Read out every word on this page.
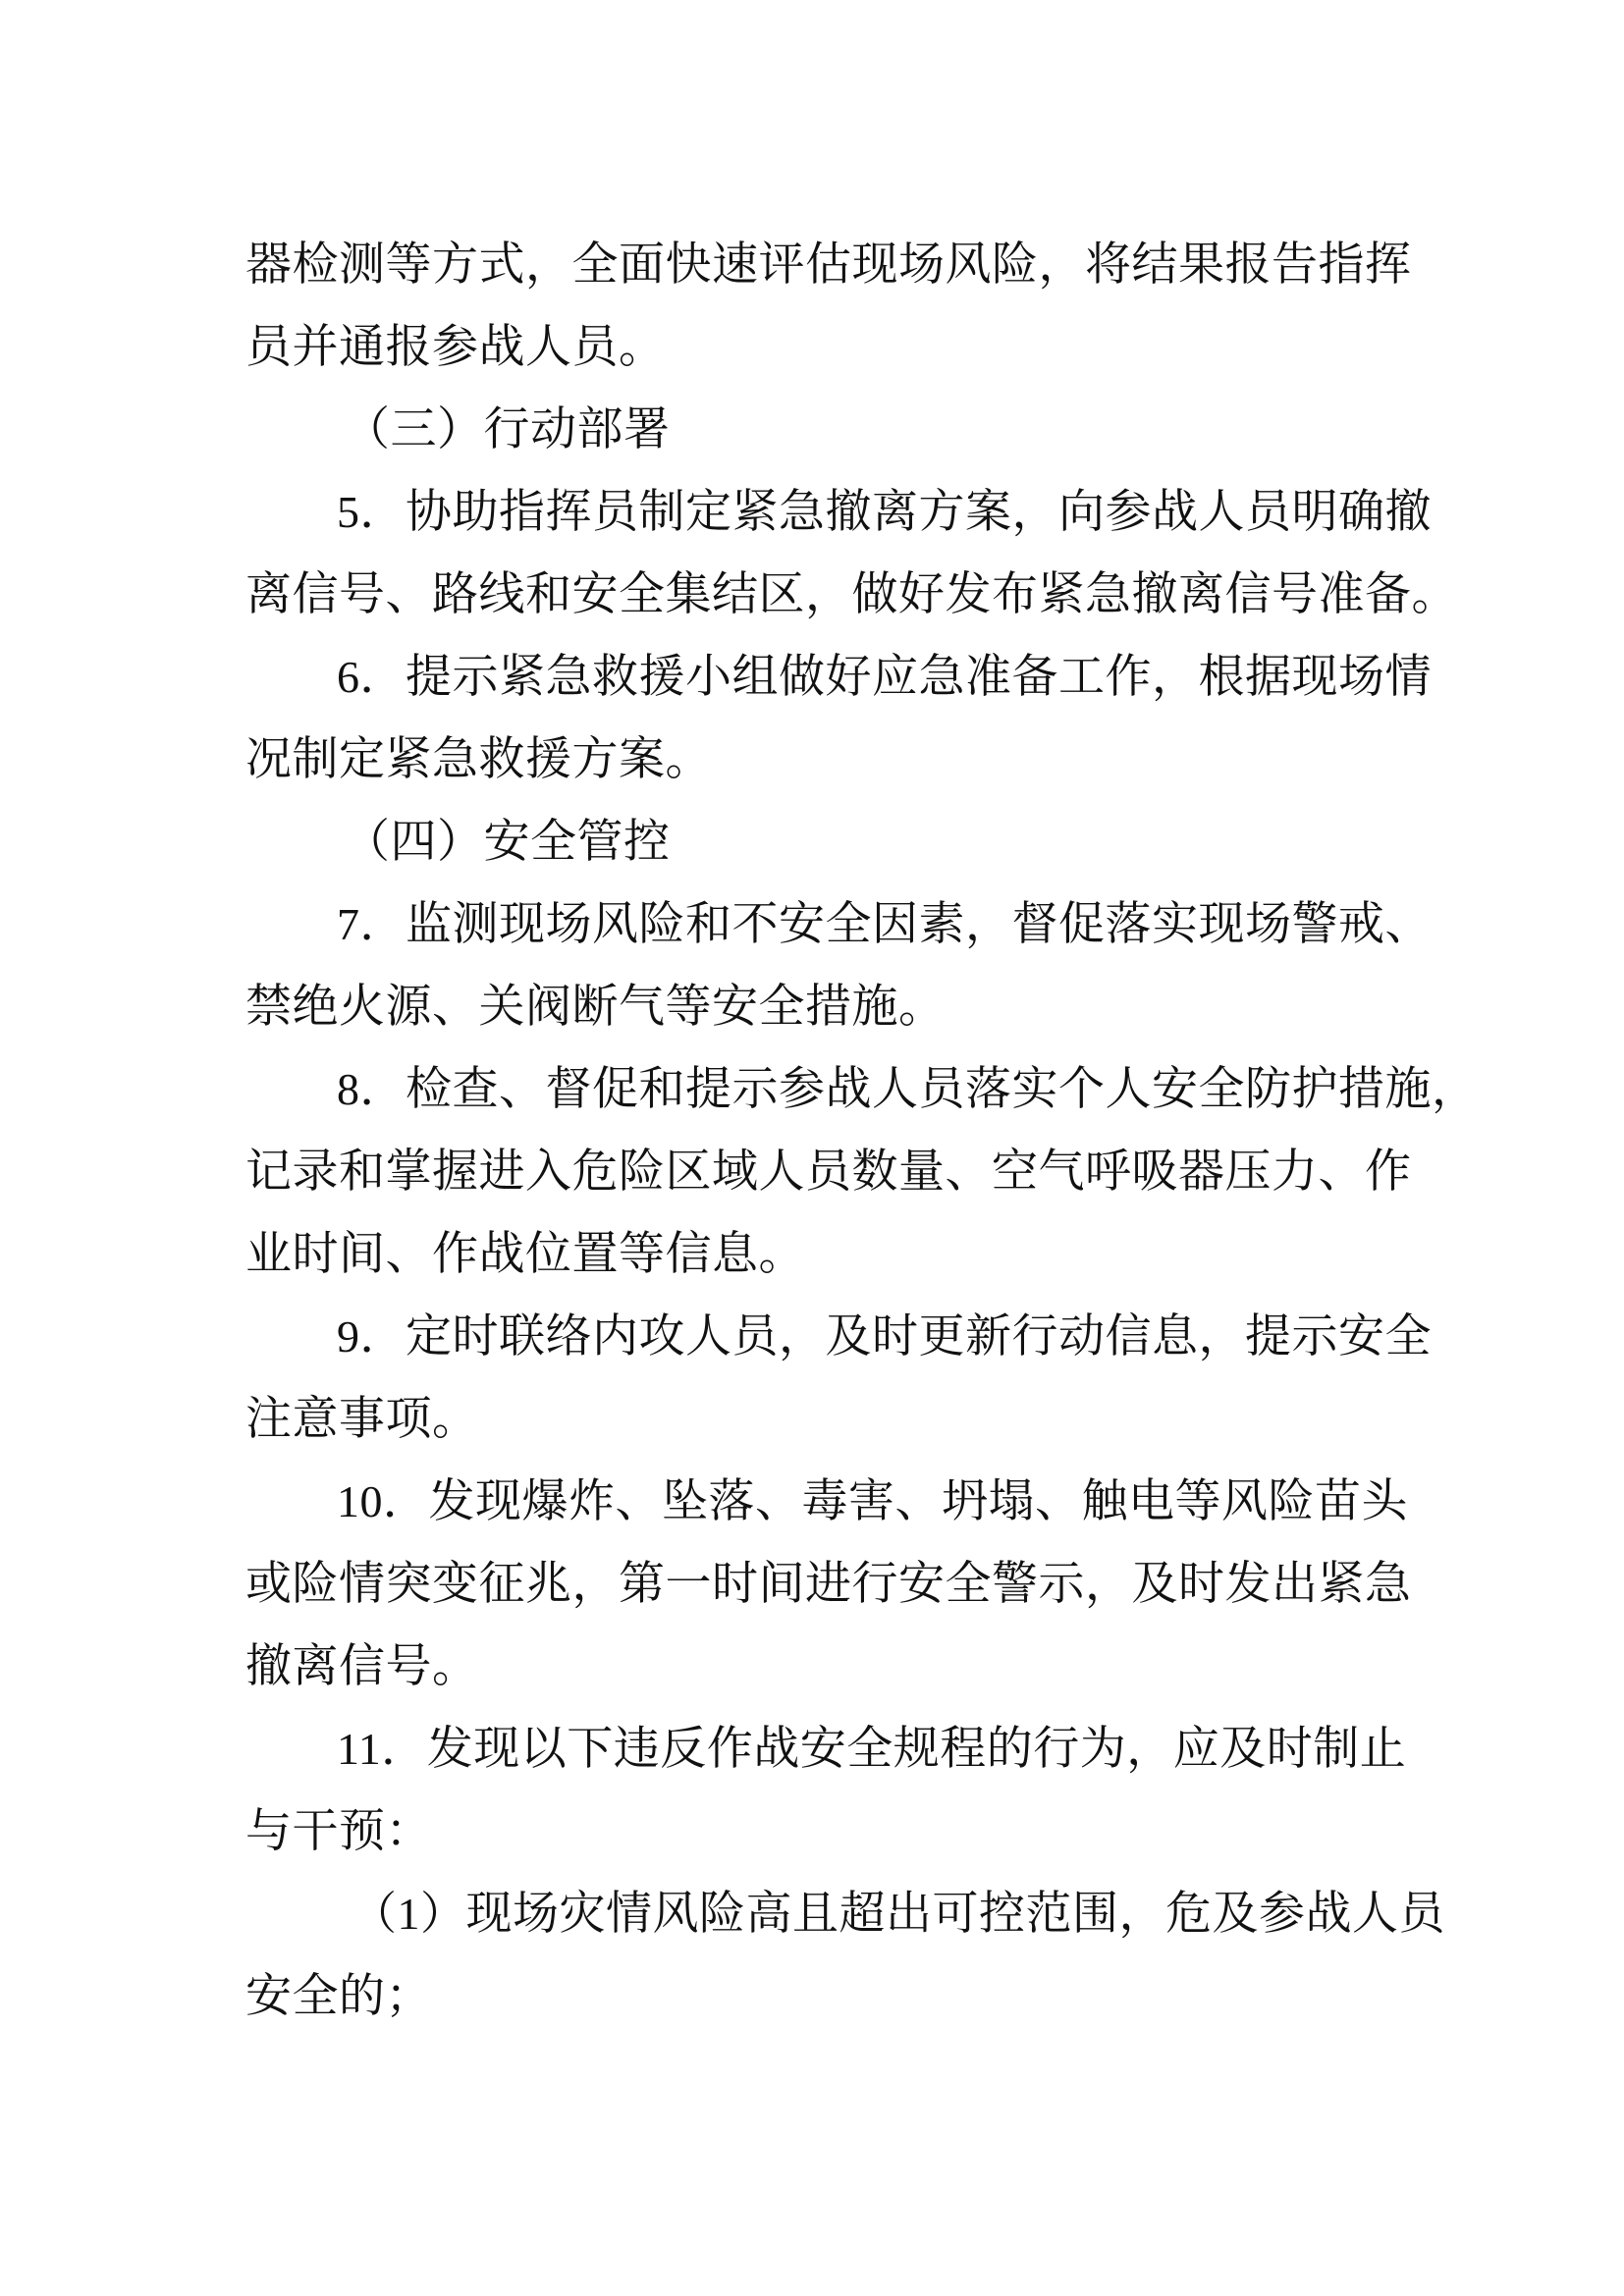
器检测等方式，全面快速评估现场风险，将结果报告指挥
员并通报参战人员。
（三）行动部署
5．协助指挥员制定紧急撤离方案，向参战人员明确撤
离信号、路线和安全集结区，做好发布紧急撤离信号准备。
6．提示紧急救援小组做好应急准备工作，根据现场情
况制定紧急救援方案。
（四）安全管控
7．监测现场风险和不安全因素，督促落实现场警戒、
禁绝火源、关阀断气等安全措施。
8．检查、督促和提示参战人员落实个人安全防护措施，
记录和掌握进入危险区域人员数量、空气呼吸器压力、作
业时间、作战位置等信息。
9．定时联络内攻人员，及时更新行动信息，提示安全
注意事项。
10．发现爆炸、坠落、毒害、坍塌、触电等风险苗头
或险情突变征兆，第一时间进行安全警示，及时发出紧急
撤离信号。
11．发现以下违反作战安全规程的行为，应及时制止
与干预：
（1）现场灾情风险高且超出可控范围，危及参战人员
安全的；
